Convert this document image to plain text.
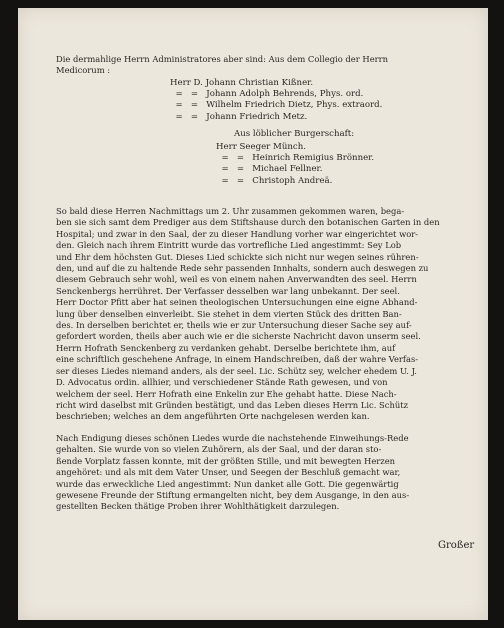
Die dermahlige Herrn Administratores aber sind: Aus dem Collegio der Herrn
Medicorum :
Herr D. Johann Christian Kißner.
=   =   Johann Adolph Behrends, Phys. ord.
=   =   Wilhelm Friedrich Dietz, Phys. extraord.
=   =   Johann Friedrich Metz.
Aus löblicher Burgerschaft:
Herr Seeger Münch.
=   =   Heinrich Remigius Brönner.
=   =   Michael Fellner.
=   =   Christoph Andreä.
So bald diese Herren Nachmittags um 2. Uhr zusammen gekommen waren, bega-
ben sie sich samt dem Prediger aus dem Stiftshause durch den botanischen Garten in den
Hospital; und zwar in den Saal, der zu dieser Handlung vorher war eingerichtet wor-
den. Gleich nach ihrem Eintritt wurde das vortrefliche Lied angestimmt: Sey Lob
und Ehr dem höchsten Gut. Dieses Lied schickte sich nicht nur wegen seines rühren-
den, und auf die zu haltende Rede sehr passenden Innhalts, sondern auch deswegen zu
diesem Gebrauch sehr wohl, weil es von einem nahen Anverwandten des seel. Herrn
Senckenbergs herrühret. Der Verfasser desselben war lang unbekannt. Der seel.
Herr Doctor Pfitt aber hat seinen theologischen Untersuchungen eine eigne Abhand-
lung über denselben einverleibt. Sie stehet in dem vierten Stück des dritten Ban-
des. In derselben berichtet er, theils wie er zur Untersuchung dieser Sache sey auf-
gefordert worden, theils aber auch wie er die sicherste Nachricht davon unserm seel.
Herrn Hofrath Senckenberg zu verdanken gehabt. Derselbe berichtete ihm, auf
eine schriftlich geschehene Anfrage, in einem Handschreiben, daß der wahre Verfas-
ser dieses Liedes niemand anders, als der seel. Lic. Schütz sey, welcher ehedem U. J.
D. Advocatus ordin. allhier, und verschiedener Stände Rath gewesen, und von
welchem der seel. Herr Hofrath eine Enkelin zur Ehe gehabt hatte. Diese Nach-
richt wird daselbst mit Gründen bestätigt, und das Leben dieses Herrn Lic. Schütz
beschrieben; welches an dem angeführten Orte nachgelesen werden kan.
Nach Endigung dieses schönen Liedes wurde die nachstehende Einweihungs-Rede
gehalten. Sie wurde von so vielen Zuhörern, als der Saal, und der daran sto-
ßende Vorplatz fassen konnte, mit der größten Stille, und mit bewegten Herzen
angehöret: und als mit dem Vater Unser, und Seegen der Beschluß gemacht war,
wurde das erweckliche Lied angestimmt: Nun danket alle Gott. Die gegenwärtig
gewesene Freunde der Stiftung ermangelten nicht, bey dem Ausgange, in den aus-
gestellten Becken thätige Proben ihrer Wohlthätigkeit darzulegen.
Großer
